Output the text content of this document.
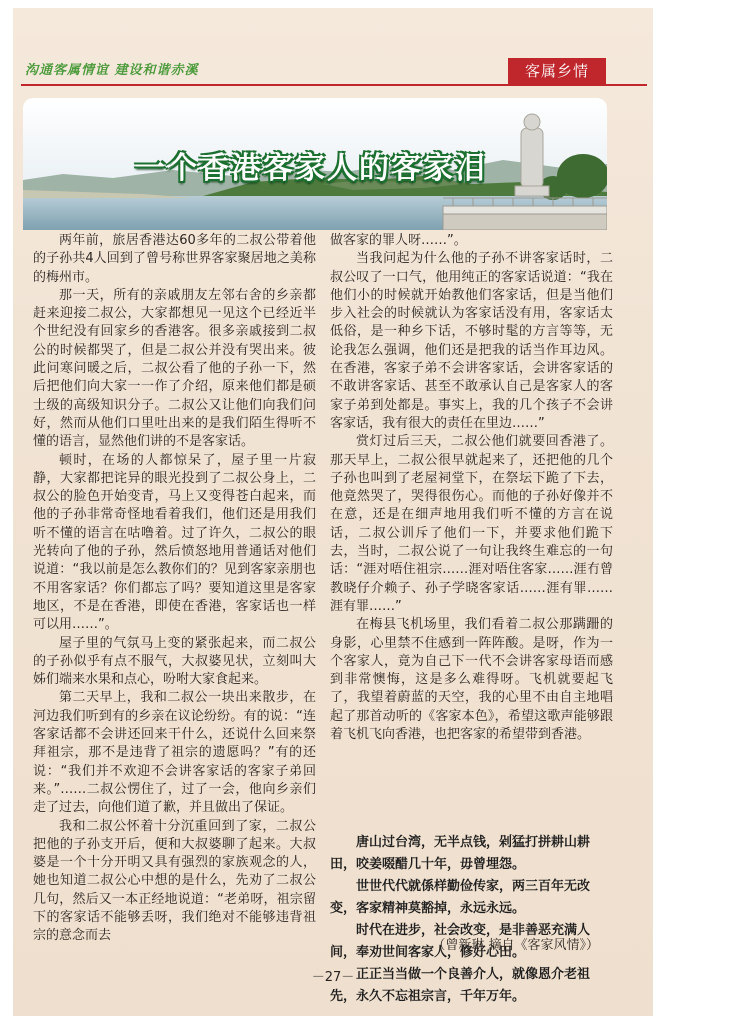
沟通客属情谊 建设和谐赤溪	客属乡情
一个香港客家人的客家泪

两年前，旅居香港达60多年的二叔公带着他的子孙共4人回到了曾号称世界客家聚居地之美称的梅州市。

那一天，所有的亲戚朋友左邻右舍的乡亲都赶来迎接二叔公，大家都想见一见这个已经近半个世纪没有回家乡的香港客。很多亲戚接到二叔公的时候都哭了，但是二叔公并没有哭出来。彼此问寒问暖之后，二叔公看了他的子孙一下，然后把他们向大家一一作了介绍，原来他们都是硕士级的高级知识分子。二叔公又让他们向我们问好，然而从他们口里吐出来的是我们陌生得听不懂的语言，显然他们讲的不是客家话。

顿时，在场的人都惊呆了，屋子里一片寂静，大家都把诧异的眼光投到了二叔公身上，二叔公的脸色开始变青，马上又变得苍白起来，而他的子孙非常奇怪地看着我们，他们还是用我们听不懂的语言在咕噜着。过了许久，二叔公的眼光转向了他的子孙，然后愤怒地用普通话对他们说道：“我以前是怎么教你们的？见到客家亲朋也不用客家话？你们都忘了吗？要知道这里是客家地区，不是在香港，即使在香港，客家话也一样可以用……”。

屋子里的气氛马上变的紧张起来，而二叔公的子孙似乎有点不服气，大叔婆见状，立刻叫大姊们端来水果和点心，吩咐大家食起来。

第二天早上，我和二叔公一块出来散步，在河边我们听到有的乡亲在议论纷纷。有的说：“连客家话都不会讲还回来干什么，还说什么回来祭拜祖宗，那不是违背了祖宗的遗愿吗？”有的还说：“我们并不欢迎不会讲客家话的客家子弟回来。”……二叔公愣住了，过了一会，他向乡亲们走了过去，向他们道了歉，并且做出了保证。

我和二叔公怀着十分沉重回到了家，二叔公把他的子孙支开后，便和大叔婆聊了起来。大叔婆是一个十分开明又具有强烈的家族观念的人，她也知道二叔公心中想的是什么，先劝了二叔公几句，然后又一本正经地说道：“老弟呀，祖宗留下的客家话不能够丢呀，我们绝对不能够违背祖宗的意念而去

做客家的罪人呀……”。

当我问起为什么他的子孙不讲客家话时，二叔公叹了一口气，他用纯正的客家话说道：“我在他们小的时候就开始教他们客家话，但是当他们步入社会的时候就认为客家话没有用，客家话太低俗，是一种乡下话，不够时髦的方言等等，无论我怎么强调，他们还是把我的话当作耳边风。在香港，客家子弟不会讲客家话，会讲客家话的不敢讲客家话、甚至不敢承认自己是客家人的客家子弟到处都是。事实上，我的几个孩子不会讲客家话，我有很大的责任在里边……”

赏灯过后三天，二叔公他们就要回香港了。那天早上，二叔公很早就起来了，还把他的几个子孙也叫到了老屋祠堂下，在祭坛下跪了下去，他竟然哭了，哭得很伤心。而他的子孙好像并不在意，还是在细声地用我们听不懂的方言在说话，二叔公训斥了他们一下，并要求他们跪下去，当时，二叔公说了一句让我终生难忘的一句话：“涯对唔住祖宗……涯对唔住客家……涯冇曾教晓仔介赖子、孙子学晓客家话……涯有罪……涯有罪……”

在梅县飞机场里，我们看着二叔公那蹒跚的身影，心里禁不住感到一阵阵酸。是呀，作为一个客家人，竟为自己下一代不会讲客家母语而感到非常懊悔，这是多么难得呀。飞机就要起飞了，我望着蔚蓝的天空，我的心里不由自主地唱起了那首动听的《客家本色》，希望这歌声能够跟着飞机飞向香港，也把客家的希望带到香港。

唐山过台湾，无半点钱，剁猛打拼耕山耕田，咬姜啜醋几十年，毋曾埋怨。

世世代代就係样勤俭传家，两三百年无改变，客家精神莫豁掉，永远永远。

时代在进步，社会改变，是非善恶充满人间，奉劝世间客家人，修好心田。

正正当当做一个良善介人，就像恩介老祖先，永久不忘祖宗言，千年万年。

（曾新琳 摘自《客家风情》）
－27－
